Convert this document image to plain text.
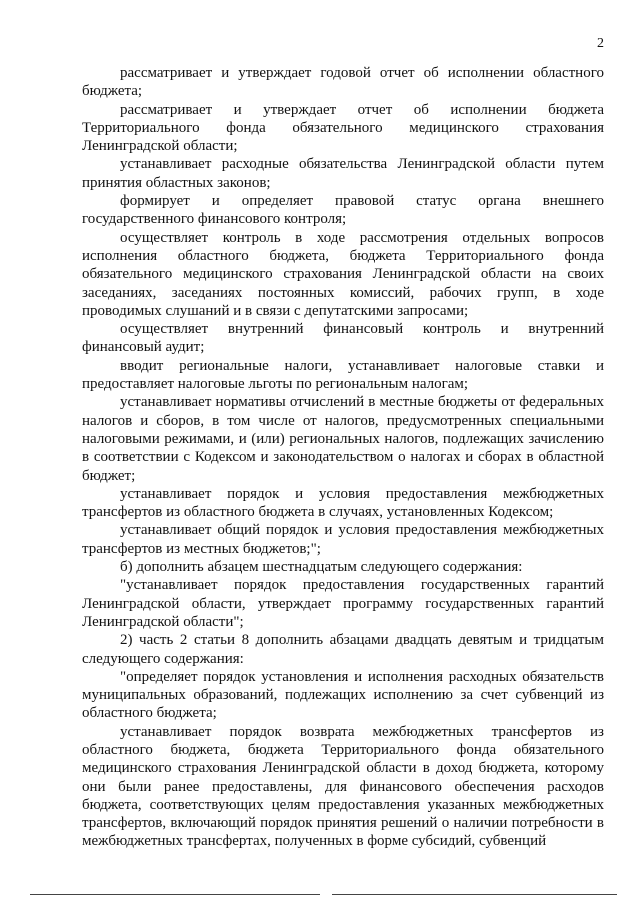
2

рассматривает и утверждает годовой отчет об исполнении областного бюджета;

рассматривает и утверждает отчет об исполнении бюджета Территориального фонда обязательного медицинского страхования Ленинградской области;

устанавливает расходные обязательства Ленинградской области путем принятия областных законов;

формирует и определяет правовой статус органа внешнего государственного финансового контроля;

осуществляет контроль в ходе рассмотрения отдельных вопросов исполнения областного бюджета, бюджета Территориального фонда обязательного медицинского страхования Ленинградской области на своих заседаниях, заседаниях постоянных комиссий, рабочих групп, в ходе проводимых слушаний и в связи с депутатскими запросами;

осуществляет внутренний финансовый контроль и внутренний финансовый аудит;

вводит региональные налоги, устанавливает налоговые ставки и предоставляет налоговые льготы по региональным налогам;

устанавливает нормативы отчислений в местные бюджеты от федеральных налогов и сборов, в том числе от налогов, предусмотренных специальными налоговыми режимами, и (или) региональных налогов, подлежащих зачислению в соответствии с Кодексом и законодательством о налогах и сборах в областной бюджет;

устанавливает порядок и условия предоставления межбюджетных трансфертов из областного бюджета в случаях, установленных Кодексом;

устанавливает общий порядок и условия предоставления межбюджетных трансфертов из местных бюджетов;";

б) дополнить абзацем шестнадцатым следующего содержания:

"устанавливает порядок предоставления государственных гарантий Ленинградской области, утверждает программу государственных гарантий Ленинградской области";

2) часть 2 статьи 8 дополнить абзацами двадцать девятым и тридцатым следующего содержания:

"определяет порядок установления и исполнения расходных обязательств муниципальных образований, подлежащих исполнению за счет субвенций из областного бюджета;

устанавливает порядок возврата межбюджетных трансфертов из областного бюджета, бюджета Территориального фонда обязательного медицинского страхования Ленинградской области в доход бюджета, которому они были ранее предоставлены, для финансового обеспечения расходов бюджета, соответствующих целям предоставления указанных межбюджетных трансфертов, включающий порядок принятия решений о наличии потребности в межбюджетных трансфертах, полученных в форме субсидий, субвенций
